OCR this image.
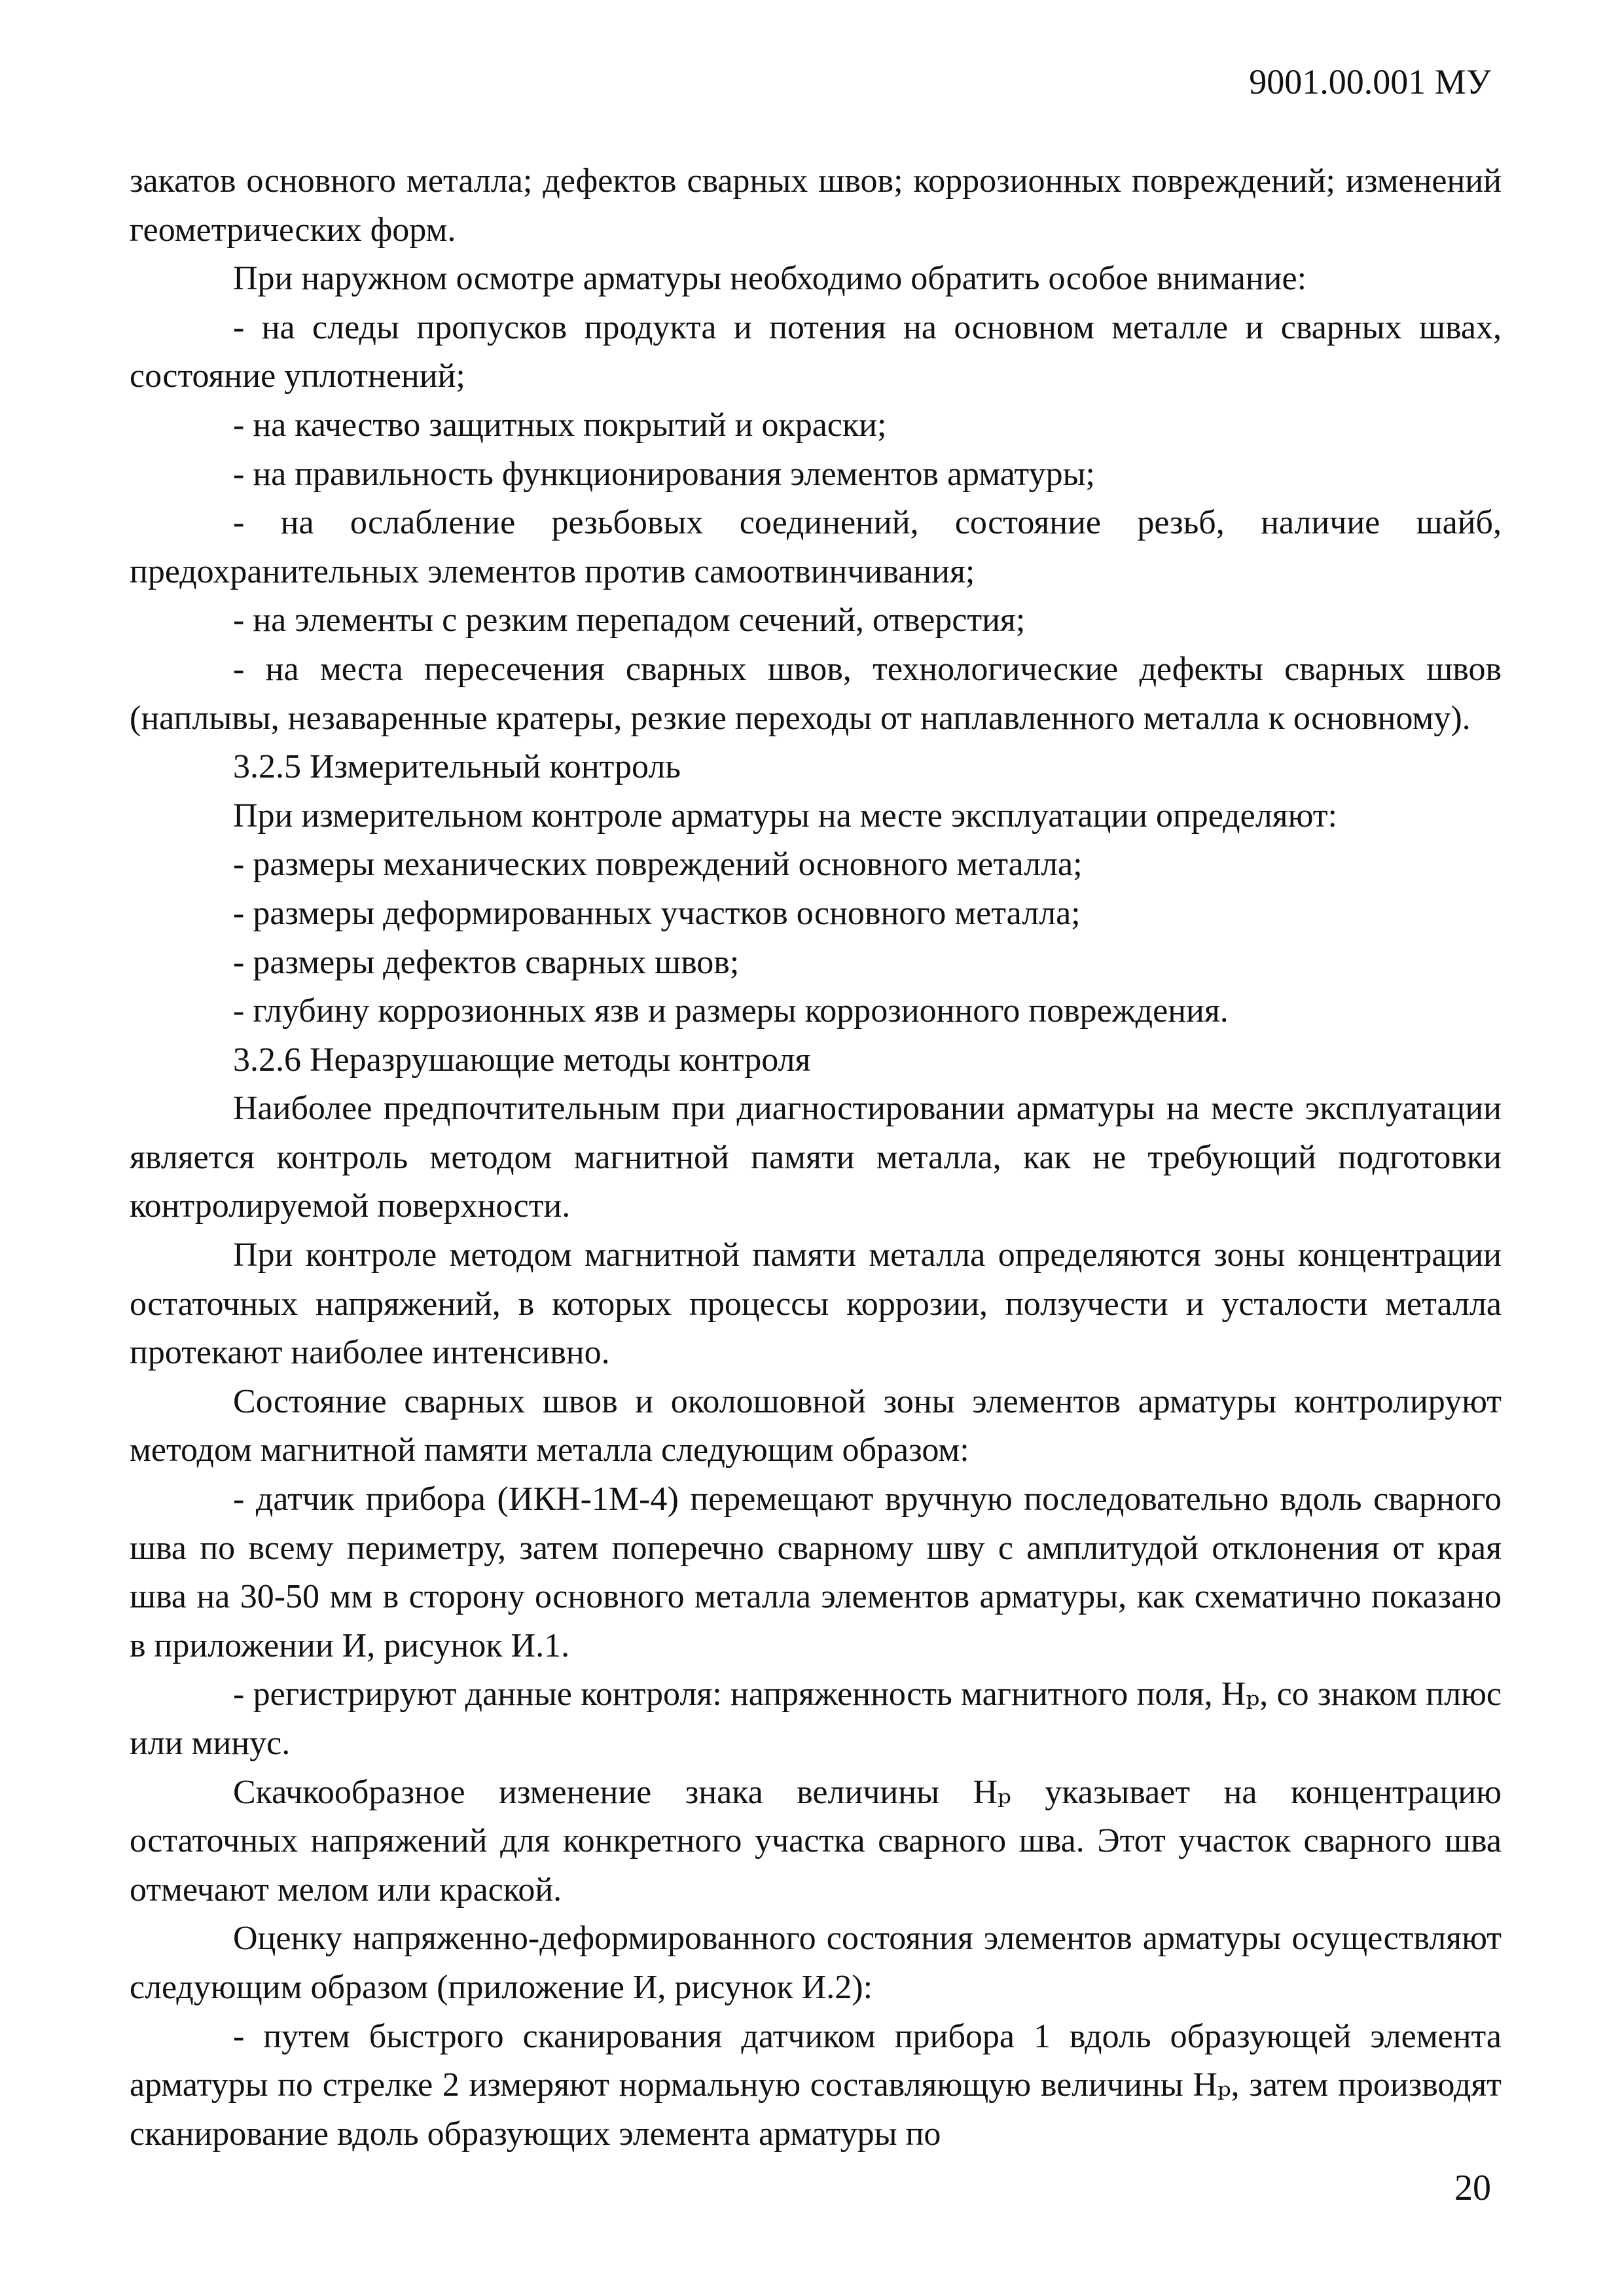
9001.00.001 МУ

закатов основного металла; дефектов сварных швов; коррозионных повреждений; изменений геометрических форм.

При наружном осмотре арматуры необходимо обратить особое внимание:

- на следы пропусков продукта и потения на основном металле и сварных швах, состояние уплотнений;

- на качество защитных покрытий и окраски;

- на правильность функционирования элементов арматуры;

- на ослабление резьбовых соединений, состояние резьб, наличие шайб, предохранительных элементов против самоотвинчивания;

- на элементы с резким перепадом сечений, отверстия;

- на места пересечения сварных швов, технологические дефекты сварных швов (наплывы, незаваренные кратеры, резкие переходы от наплавленного металла к основному).

3.2.5 Измерительный контроль

При измерительном контроле арматуры на месте эксплуатации определяют:

- размеры механических повреждений основного металла;

- размеры деформированных участков основного металла;

- размеры дефектов сварных швов;

- глубину коррозионных язв и размеры коррозионного повреждения.

3.2.6 Неразрушающие методы контроля

Наиболее предпочтительным при диагностировании арматуры на месте эксплуатации является контроль методом магнитной памяти металла, как не требующий подготовки контролируемой поверхности.

При контроле методом магнитной памяти металла определяются зоны концентрации остаточных напряжений, в которых процессы коррозии, ползучести и усталости металла протекают наиболее интенсивно.

Состояние сварных швов и околошовной зоны элементов арматуры контролируют методом магнитной памяти металла следующим образом:

- датчик прибора (ИКН-1М-4) перемещают вручную последовательно вдоль сварного шва по всему периметру, затем поперечно сварному шву с амплитудой отклонения от края шва на 30-50 мм в сторону основного металла элементов арматуры, как схематично показано в приложении И, рисунок И.1.

- регистрируют данные контроля: напряженность магнитного поля, Hₚ, со знаком плюс или минус.

Скачкообразное изменение знака величины Hₚ указывает на концентрацию остаточных напряжений для конкретного участка сварного шва. Этот участок сварного шва отмечают мелом или краской.

Оценку напряженно-деформированного состояния элементов арматуры осуществляют следующим образом (приложение И, рисунок И.2):

- путем быстрого сканирования датчиком прибора 1 вдоль образующей элемента арматуры по стрелке 2 измеряют нормальную составляющую величины Hₚ, затем производят сканирование вдоль образующих элемента арматуры по

20
